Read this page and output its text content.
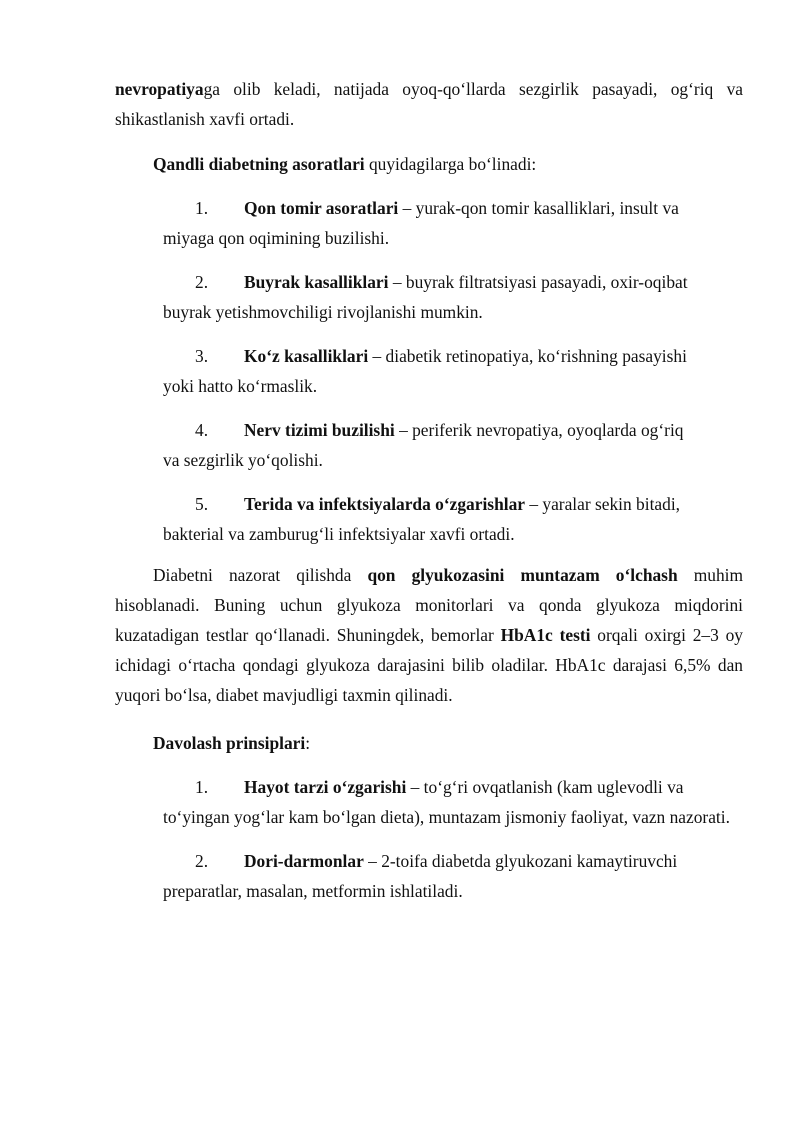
nevropatiyaga olib keladi, natijada oyoq-qo‘llarda sezgirlik pasayadi, og‘riq va shikastlanish xavfi ortadi.

Qandli diabetning asoratlari quyidagilarga bo‘linadi:

1.	Qon tomir asoratlari – yurak-qon tomir kasalliklari, insult va
miyaga qon oqimining buzilishi.
2.	Buyrak kasalliklari – buyrak filtratsiyasi pasayadi, oxir-oqibat
buyrak yetishmovchiligi rivojlanishi mumkin.
3.	Ko‘z kasalliklari – diabetik retinopatiya, ko‘rishning pasayishi
yoki hatto ko‘rmaslik.
4.	Nerv tizimi buzilishi – periferik nevropatiya, oyoqlarda og‘riq
va sezgirlik yo‘qolishi.
5.	Terida va infektsiyalarda o‘zgarishlar – yaralar sekin bitadi,
bakterial va zamburug‘li infektsiyalar xavfi ortadi.

Diabetni nazorat qilishda qon glyukozasini muntazam o‘lchash muhim hisoblanadi. Buning uchun glyukoza monitorlari va qonda glyukoza miqdorini kuzatadigan testlar qo‘llanadi. Shuningdek, bemorlar HbA1c testi orqali oxirgi 2–3 oy ichidagi o‘rtacha qondagi glyukoza darajasini bilib oladilar. HbA1c darajasi 6,5% dan yuqori bo‘lsa, diabet mavjudligi taxmin qilinadi.

Davolash prinsiplari:

1.	Hayot tarzi o‘zgarishi – to‘g‘ri ovqatlanish (kam uglevodli va
to‘yingan yog‘lar kam bo‘lgan dieta), muntazam jismoniy faoliyat, vazn nazorati.
2.	Dori-darmonlar – 2-toifa diabetda glyukozani kamaytiruvchi
preparatlar, masalan, metformin ishlatiladi.
